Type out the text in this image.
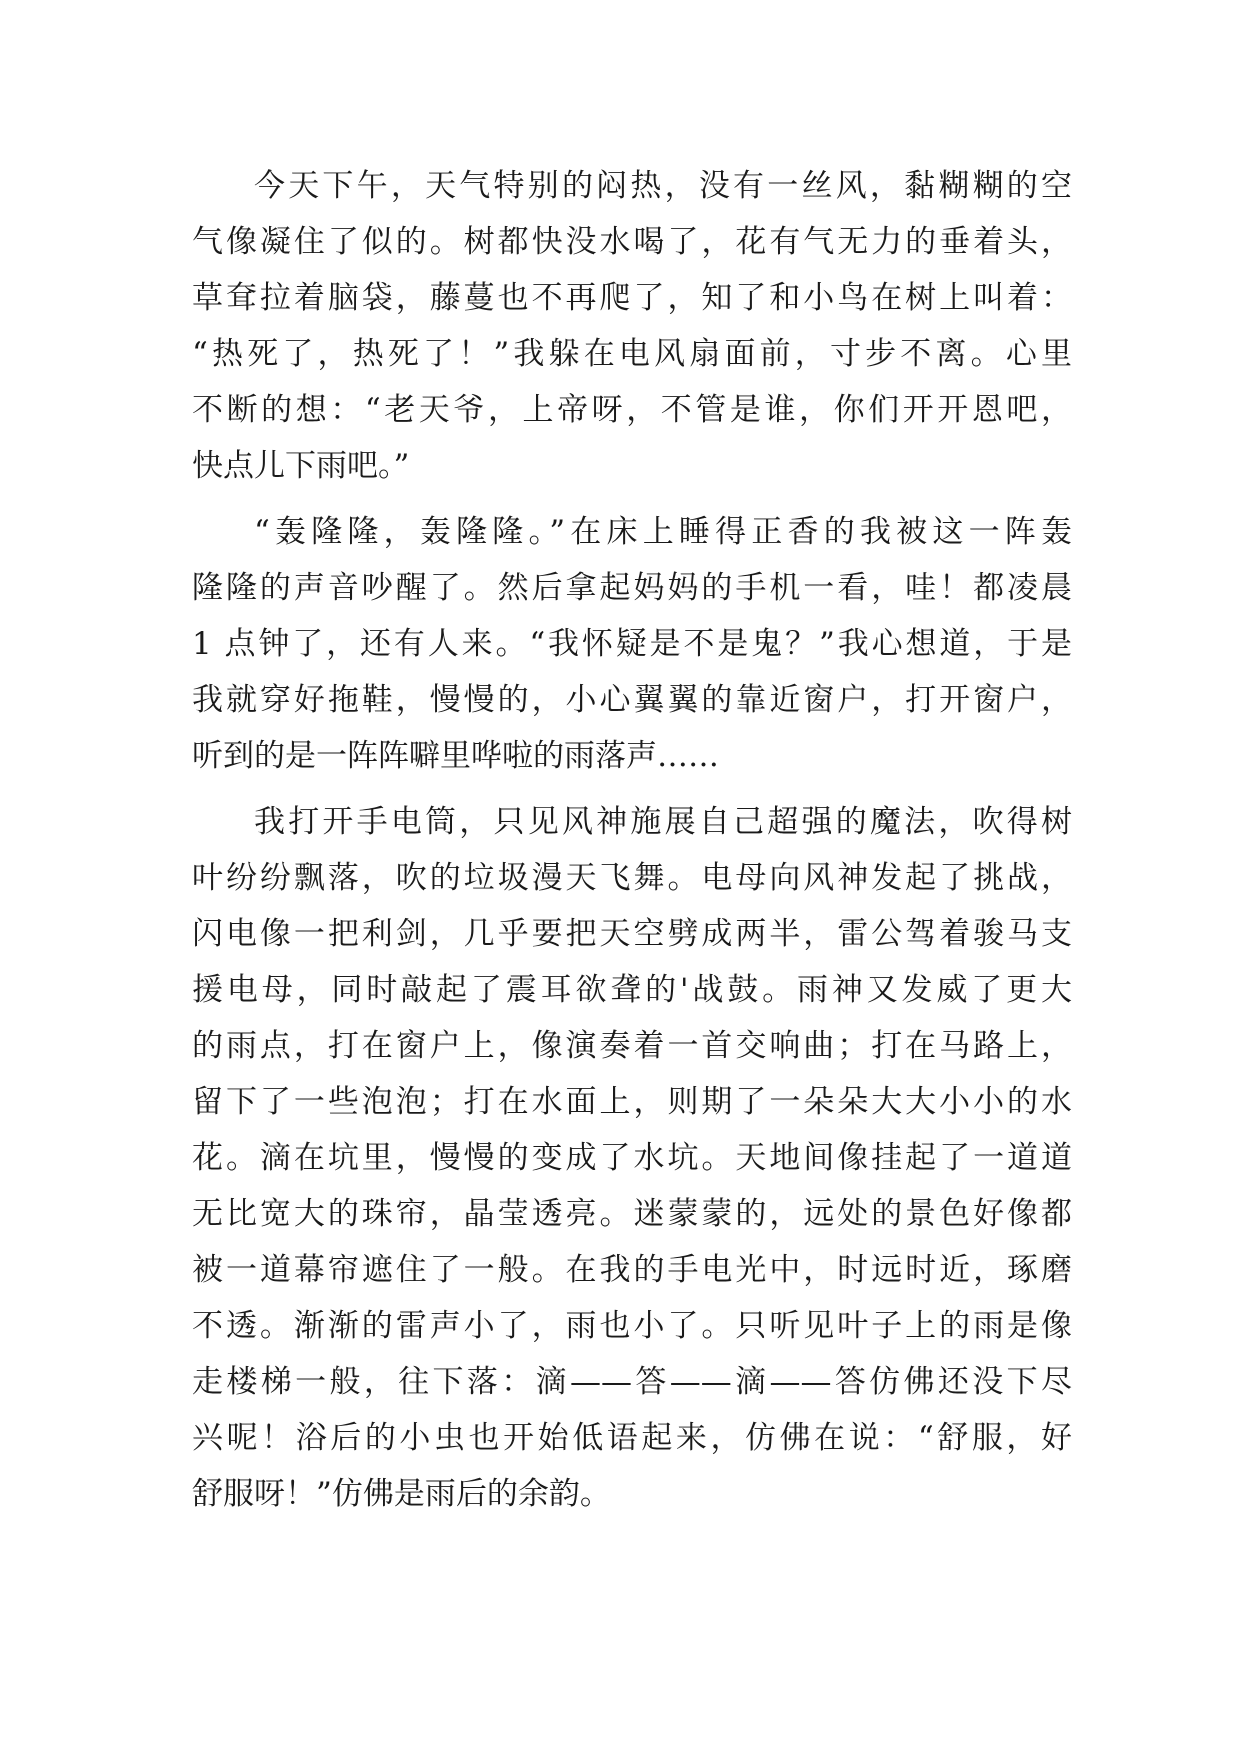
今天下午，天气特别的闷热，没有一丝风，黏糊糊的空
气像凝住了似的。树都快没水喝了，花有气无力的垂着头，
草耷拉着脑袋，藤蔓也不再爬了，知了和小鸟在树上叫着：
“热死了，热死了！”我躲在电风扇面前，寸步不离。心里
不断的想：“老天爷，上帝呀，不管是谁，你们开开恩吧，
快点儿下雨吧。”
“轰隆隆，轰隆隆。”在床上睡得正香的我被这一阵轰
隆隆的声音吵醒了。然后拿起妈妈的手机一看，哇！都凌晨
1 点钟了，还有人来。“我怀疑是不是鬼？”我心想道，于是
我就穿好拖鞋，慢慢的，小心翼翼的靠近窗户，打开窗户，
听到的是一阵阵噼里哗啦的雨落声……
我打开手电筒，只见风神施展自己超强的魔法，吹得树
叶纷纷飘落，吹的垃圾漫天飞舞。电母向风神发起了挑战，
闪电像一把利剑，几乎要把天空劈成两半，雷公驾着骏马支
援电母，同时敲起了震耳欲聋的'战鼓。雨神又发威了更大
的雨点，打在窗户上，像演奏着一首交响曲；打在马路上，
留下了一些泡泡；打在水面上，则期了一朵朵大大小小的水
花。滴在坑里，慢慢的变成了水坑。天地间像挂起了一道道
无比宽大的珠帘，晶莹透亮。迷蒙蒙的，远处的景色好像都
被一道幕帘遮住了一般。在我的手电光中，时远时近，琢磨
不透。渐渐的雷声小了，雨也小了。只听见叶子上的雨是像
走楼梯一般，往下落：滴——答——滴——答仿佛还没下尽
兴呢！浴后的小虫也开始低语起来，仿佛在说：“舒服，好
舒服呀！”仿佛是雨后的余韵。
